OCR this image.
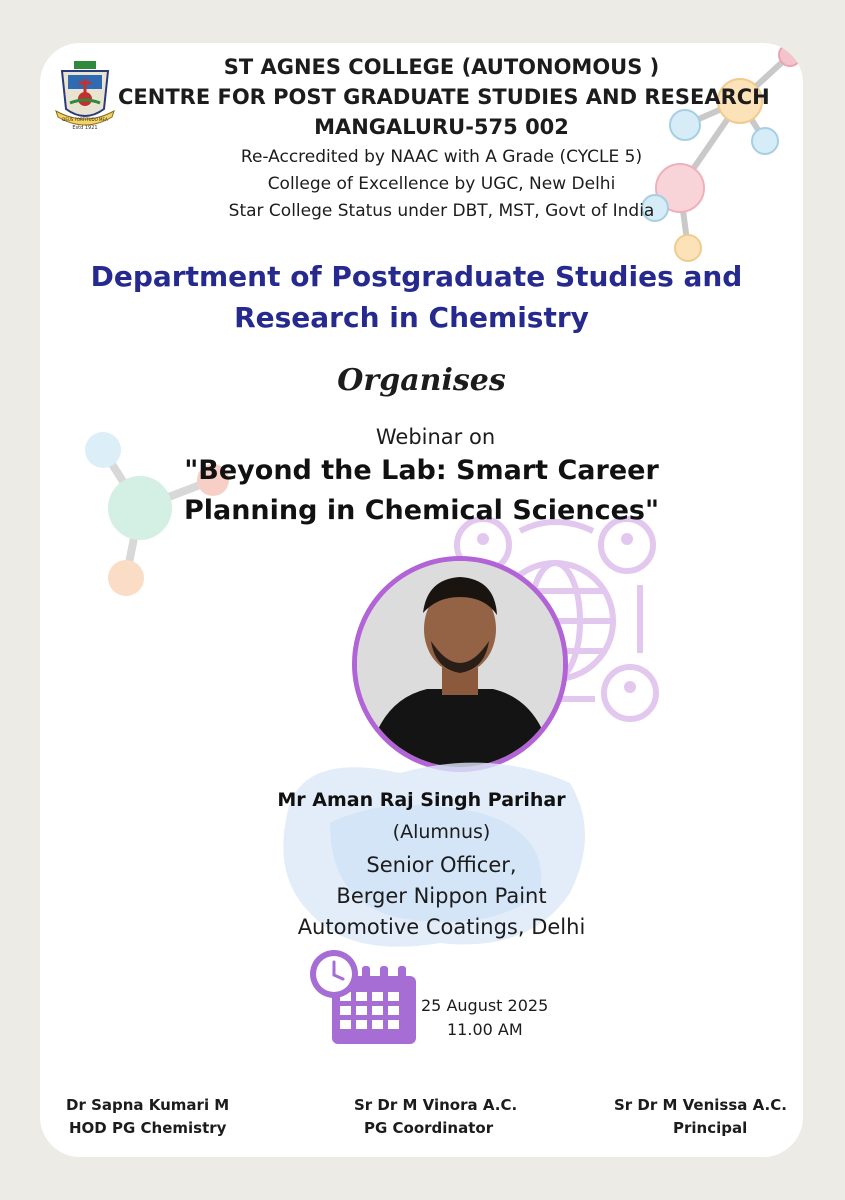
DEUS FORTITUDO MEA
Estd 1921
ST AGNES COLLEGE (AUTONOMOUS )
CENTRE FOR POST GRADUATE STUDIES AND RESEARCH
MANGALURU-575 002
Re-Accredited by NAAC with A Grade (CYCLE 5)
College of Excellence by UGC, New Delhi
Star College Status under DBT, MST, Govt of India
Department of Postgraduate Studies and
Research in Chemistry
Organises
Webinar on
"Beyond the Lab: Smart Career
Planning in Chemical Sciences"
Mr Aman Raj Singh Parihar
(Alumnus)
Senior Officer,
Berger Nippon Paint
Automotive Coatings, Delhi
25 August 2025
11.00 AM
Dr Sapna Kumari M
HOD PG Chemistry
Sr Dr M Vinora A.C.
PG Coordinator
Sr Dr M Venissa A.C.
Principal
